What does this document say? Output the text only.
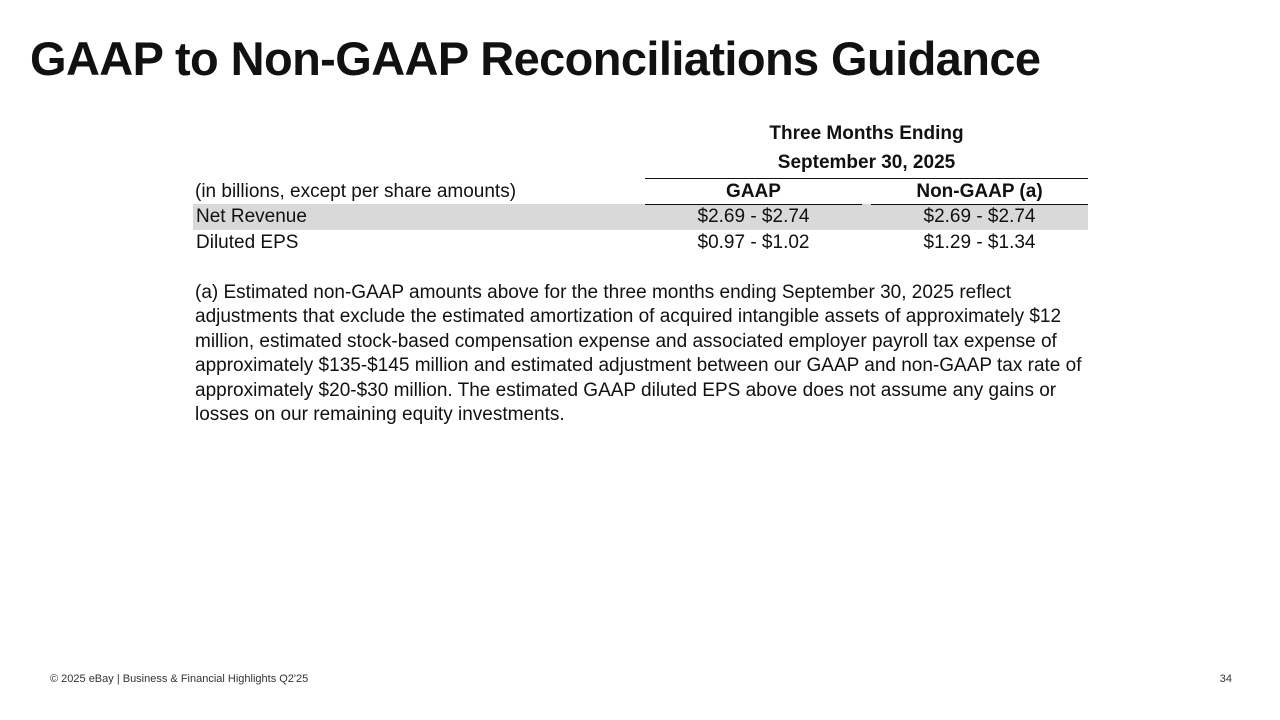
GAAP to Non-GAAP Reconciliations Guidance
Three Months Ending
September 30, 2025
(in billions, except per share amounts)	GAAP	Non-GAAP (a)
Net Revenue	$2.69 - $2.74	$2.69 - $2.74
Diluted EPS	$0.97 - $1.02	$1.29 - $1.34

(a) Estimated non-GAAP amounts above for the three months ending September 30, 2025 reflect adjustments that exclude the estimated amortization of acquired intangible assets of approximately $12 million, estimated stock-based compensation expense and associated employer payroll tax expense of approximately $135-$145 million and estimated adjustment between our GAAP and non-GAAP tax rate of approximately $20-$30 million. The estimated GAAP diluted EPS above does not assume any gains or losses on our remaining equity investments.

© 2025 eBay | Business & Financial Highlights Q2'25	34
